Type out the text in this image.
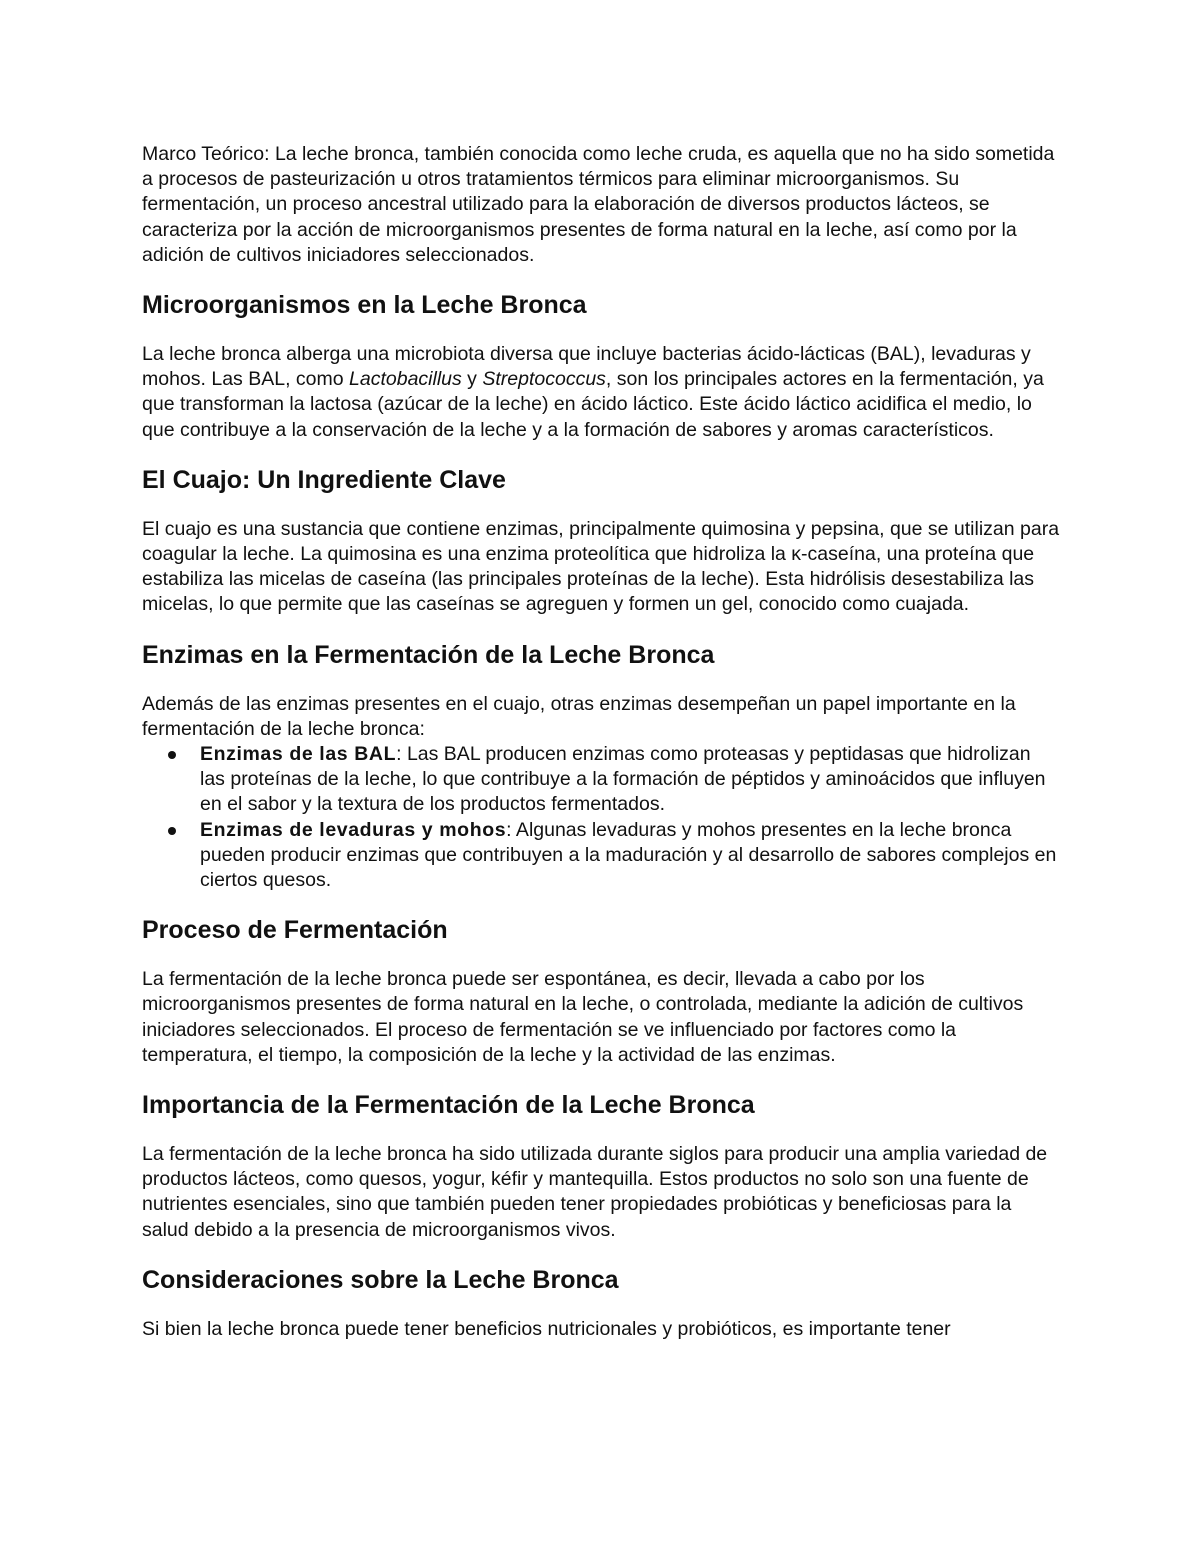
Marco Teórico: La leche bronca, también conocida como leche cruda, es aquella que no ha sido sometida a procesos de pasteurización u otros tratamientos térmicos para eliminar microorganismos. Su fermentación, un proceso ancestral utilizado para la elaboración de diversos productos lácteos, se caracteriza por la acción de microorganismos presentes de forma natural en la leche, así como por la adición de cultivos iniciadores seleccionados.

Microorganismos en la Leche Bronca

La leche bronca alberga una microbiota diversa que incluye bacterias ácido-lácticas (BAL), levaduras y mohos. Las BAL, como Lactobacillus y Streptococcus, son los principales actores en la fermentación, ya que transforman la lactosa (azúcar de la leche) en ácido láctico. Este ácido láctico acidifica el medio, lo que contribuye a la conservación de la leche y a la formación de sabores y aromas característicos.

El Cuajo: Un Ingrediente Clave

El cuajo es una sustancia que contiene enzimas, principalmente quimosina y pepsina, que se utilizan para coagular la leche. La quimosina es una enzima proteolítica que hidroliza la κ-caseína, una proteína que estabiliza las micelas de caseína (las principales proteínas de la leche). Esta hidrólisis desestabiliza las micelas, lo que permite que las caseínas se agreguen y formen un gel, conocido como cuajada.

Enzimas en la Fermentación de la Leche Bronca

Además de las enzimas presentes en el cuajo, otras enzimas desempeñan un papel importante en la fermentación de la leche bronca:

Enzimas de las BAL: Las BAL producen enzimas como proteasas y peptidasas que hidrolizan las proteínas de la leche, lo que contribuye a la formación de péptidos y aminoácidos que influyen en el sabor y la textura de los productos fermentados.
Enzimas de levaduras y mohos: Algunas levaduras y mohos presentes en la leche bronca pueden producir enzimas que contribuyen a la maduración y al desarrollo de sabores complejos en ciertos quesos.
Proceso de Fermentación

La fermentación de la leche bronca puede ser espontánea, es decir, llevada a cabo por los microorganismos presentes de forma natural en la leche, o controlada, mediante la adición de cultivos iniciadores seleccionados. El proceso de fermentación se ve influenciado por factores como la temperatura, el tiempo, la composición de la leche y la actividad de las enzimas.

Importancia de la Fermentación de la Leche Bronca

La fermentación de la leche bronca ha sido utilizada durante siglos para producir una amplia variedad de productos lácteos, como quesos, yogur, kéfir y mantequilla. Estos productos no solo son una fuente de nutrientes esenciales, sino que también pueden tener propiedades probióticas y beneficiosas para la salud debido a la presencia de microorganismos vivos.

Consideraciones sobre la Leche Bronca

Si bien la leche bronca puede tener beneficios nutricionales y probióticos, es importante tener
